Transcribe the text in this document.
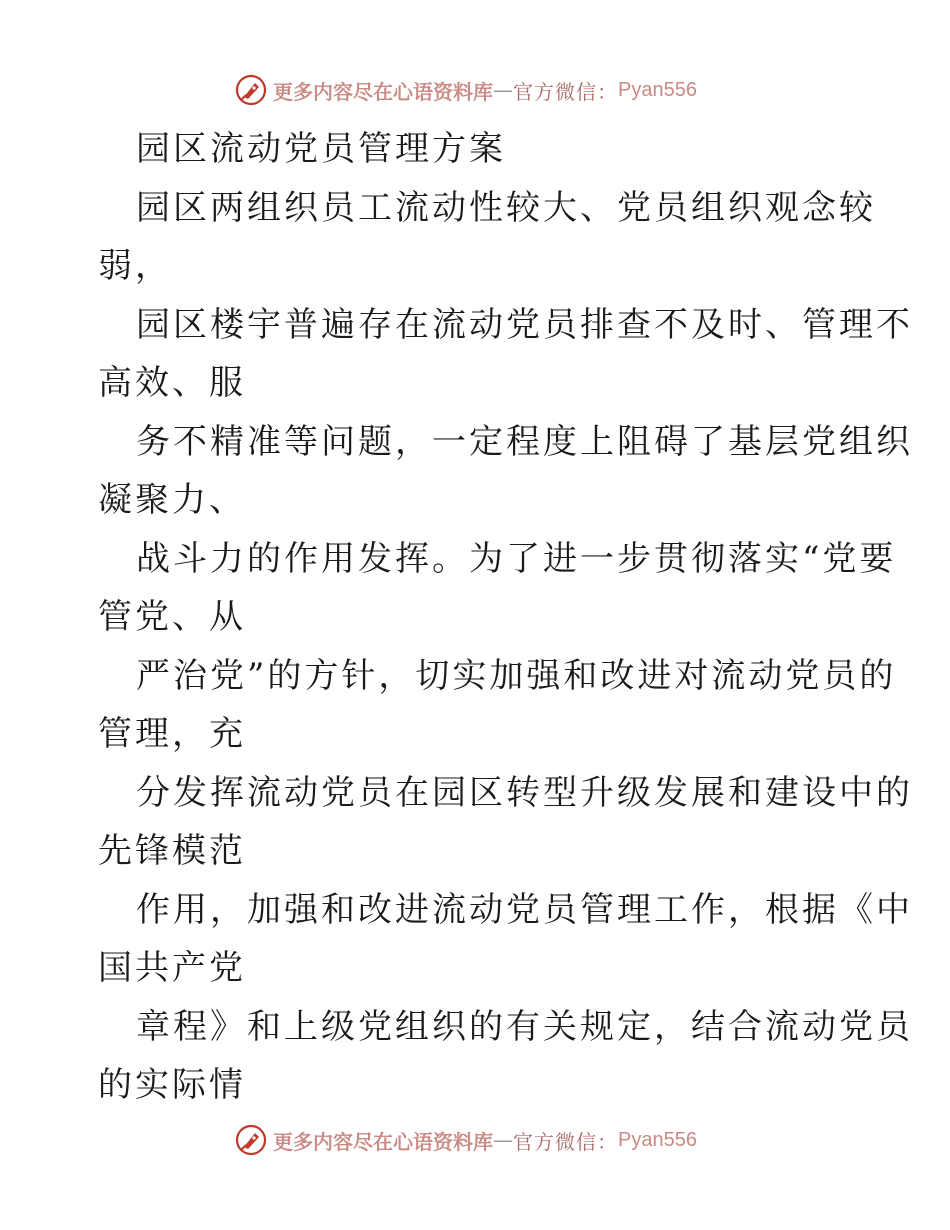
更多内容尽在心语资料库 — 官方微信： Pyan556
园区流动党员管理方案
园区两组织员工流动性较大、党员组织观念较
弱，
园区楼宇普遍存在流动党员排查不及时、管理不
高效、服
务不精准等问题，一定程度上阻碍了基层党组织
凝聚力、
战斗力的作用发挥。为了进一步贯彻落实“党要
管党、从
严治党”的方针，切实加强和改进对流动党员的
管理，充
分发挥流动党员在园区转型升级发展和建设中的
先锋模范
作用，加强和改进流动党员管理工作，根据《中
国共产党
章程》和上级党组织的有关规定，结合流动党员
的实际情
更多内容尽在心语资料库 — 官方微信： Pyan556
